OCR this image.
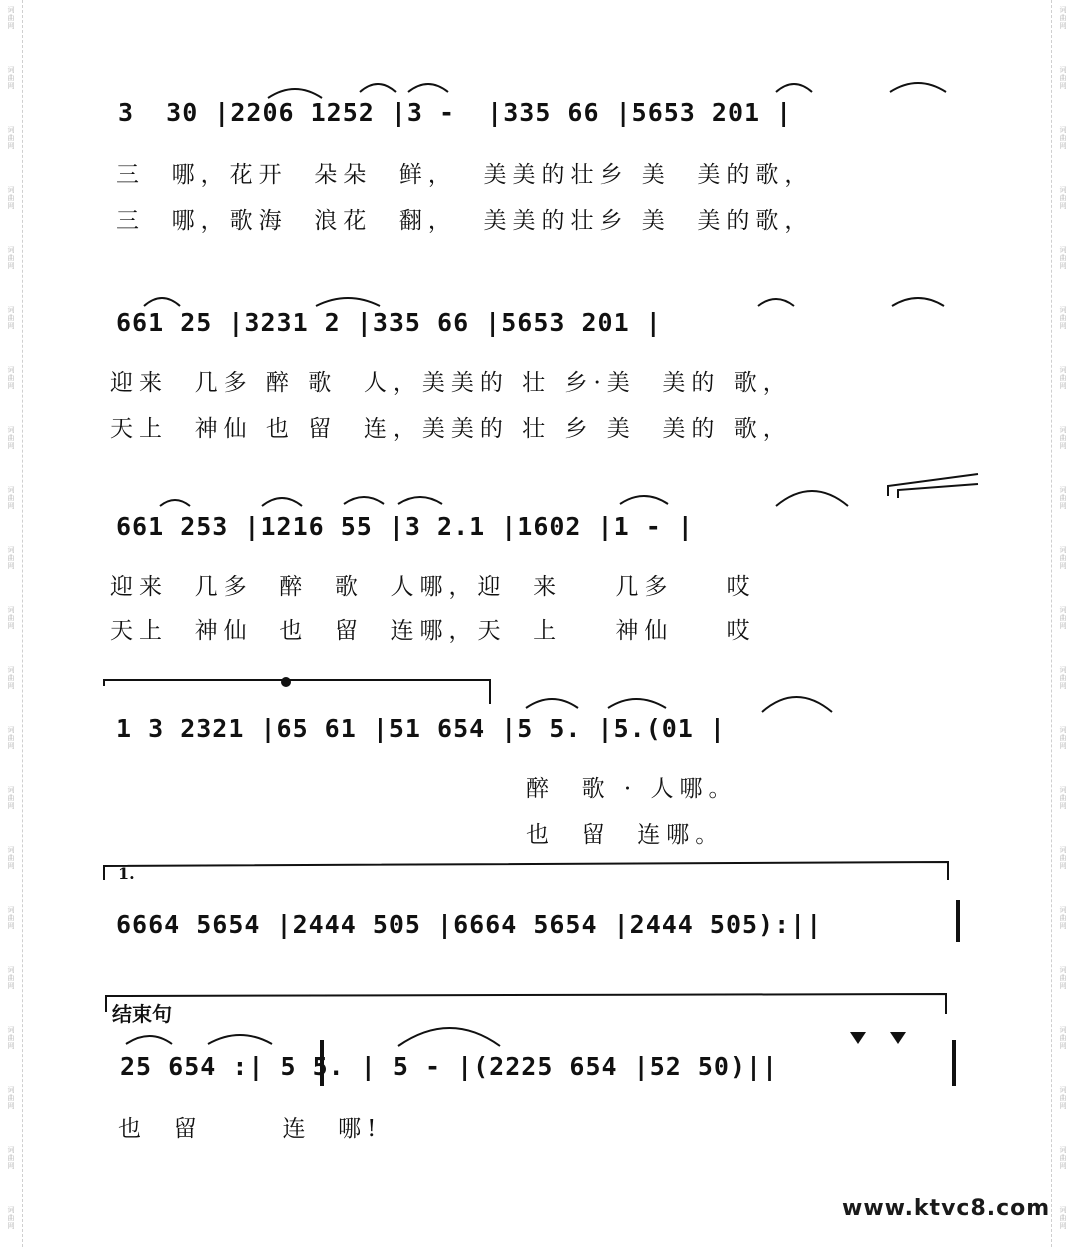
词
曲
网
词
曲
网
词
曲
网
词
曲
网
词
曲
网
词
曲
网
词
曲
网
词
曲
网
词
曲
网
词
曲
网
词
曲
网
词
曲
网
词
曲
网
词
曲
网
词
曲
网
词
曲
网
词
曲
网
词
曲
网
词
曲
网
词
曲
网
词
曲
网
词
曲
网
词
曲
网
词
曲
网
词
曲
网
词
曲
网
词
曲
网
词
曲
网
词
曲
网
词
曲
网
词
曲
网
词
曲
网
词
曲
网
词
曲
网
词
曲
网
词
曲
网
词
曲
网
词
曲
网
词
曲
网
词
曲
网
词
曲
网
词
曲
网
3  30 |2206 1252 |3 -  |335 66 |5653 201 |
三  哪，花开  朵朵  鲜，  美美的壮乡 美  美的歌，
三  哪，歌海  浪花  翻，  美美的壮乡 美  美的歌，
661 25 |3231 2 |335 66 |5653 201 |
迎来  几多 醉 歌  人，美美的 壮 乡·美  美的 歌，
天上  神仙 也 留  连，美美的 壮 乡 美  美的 歌，
661 253 |1216 55 |3 2.1 |1602 |1 - |
迎来  几多  醉  歌  人哪，迎  来    几多    哎
天上  神仙  也  留  连哪，天  上    神仙    哎
1 3 2321 |65 61 |51 654 |5 5. |5.(01 |
醉  歌 · 人哪。
也  留  连哪。
1.
6664 5654 |2444 505 |6664 5654 |2444 505):||
结束句
25 654 :| 5 5. | 5 - |(2225 654 |52 50)||
也  留      连  哪!
www.ktvc8.com
